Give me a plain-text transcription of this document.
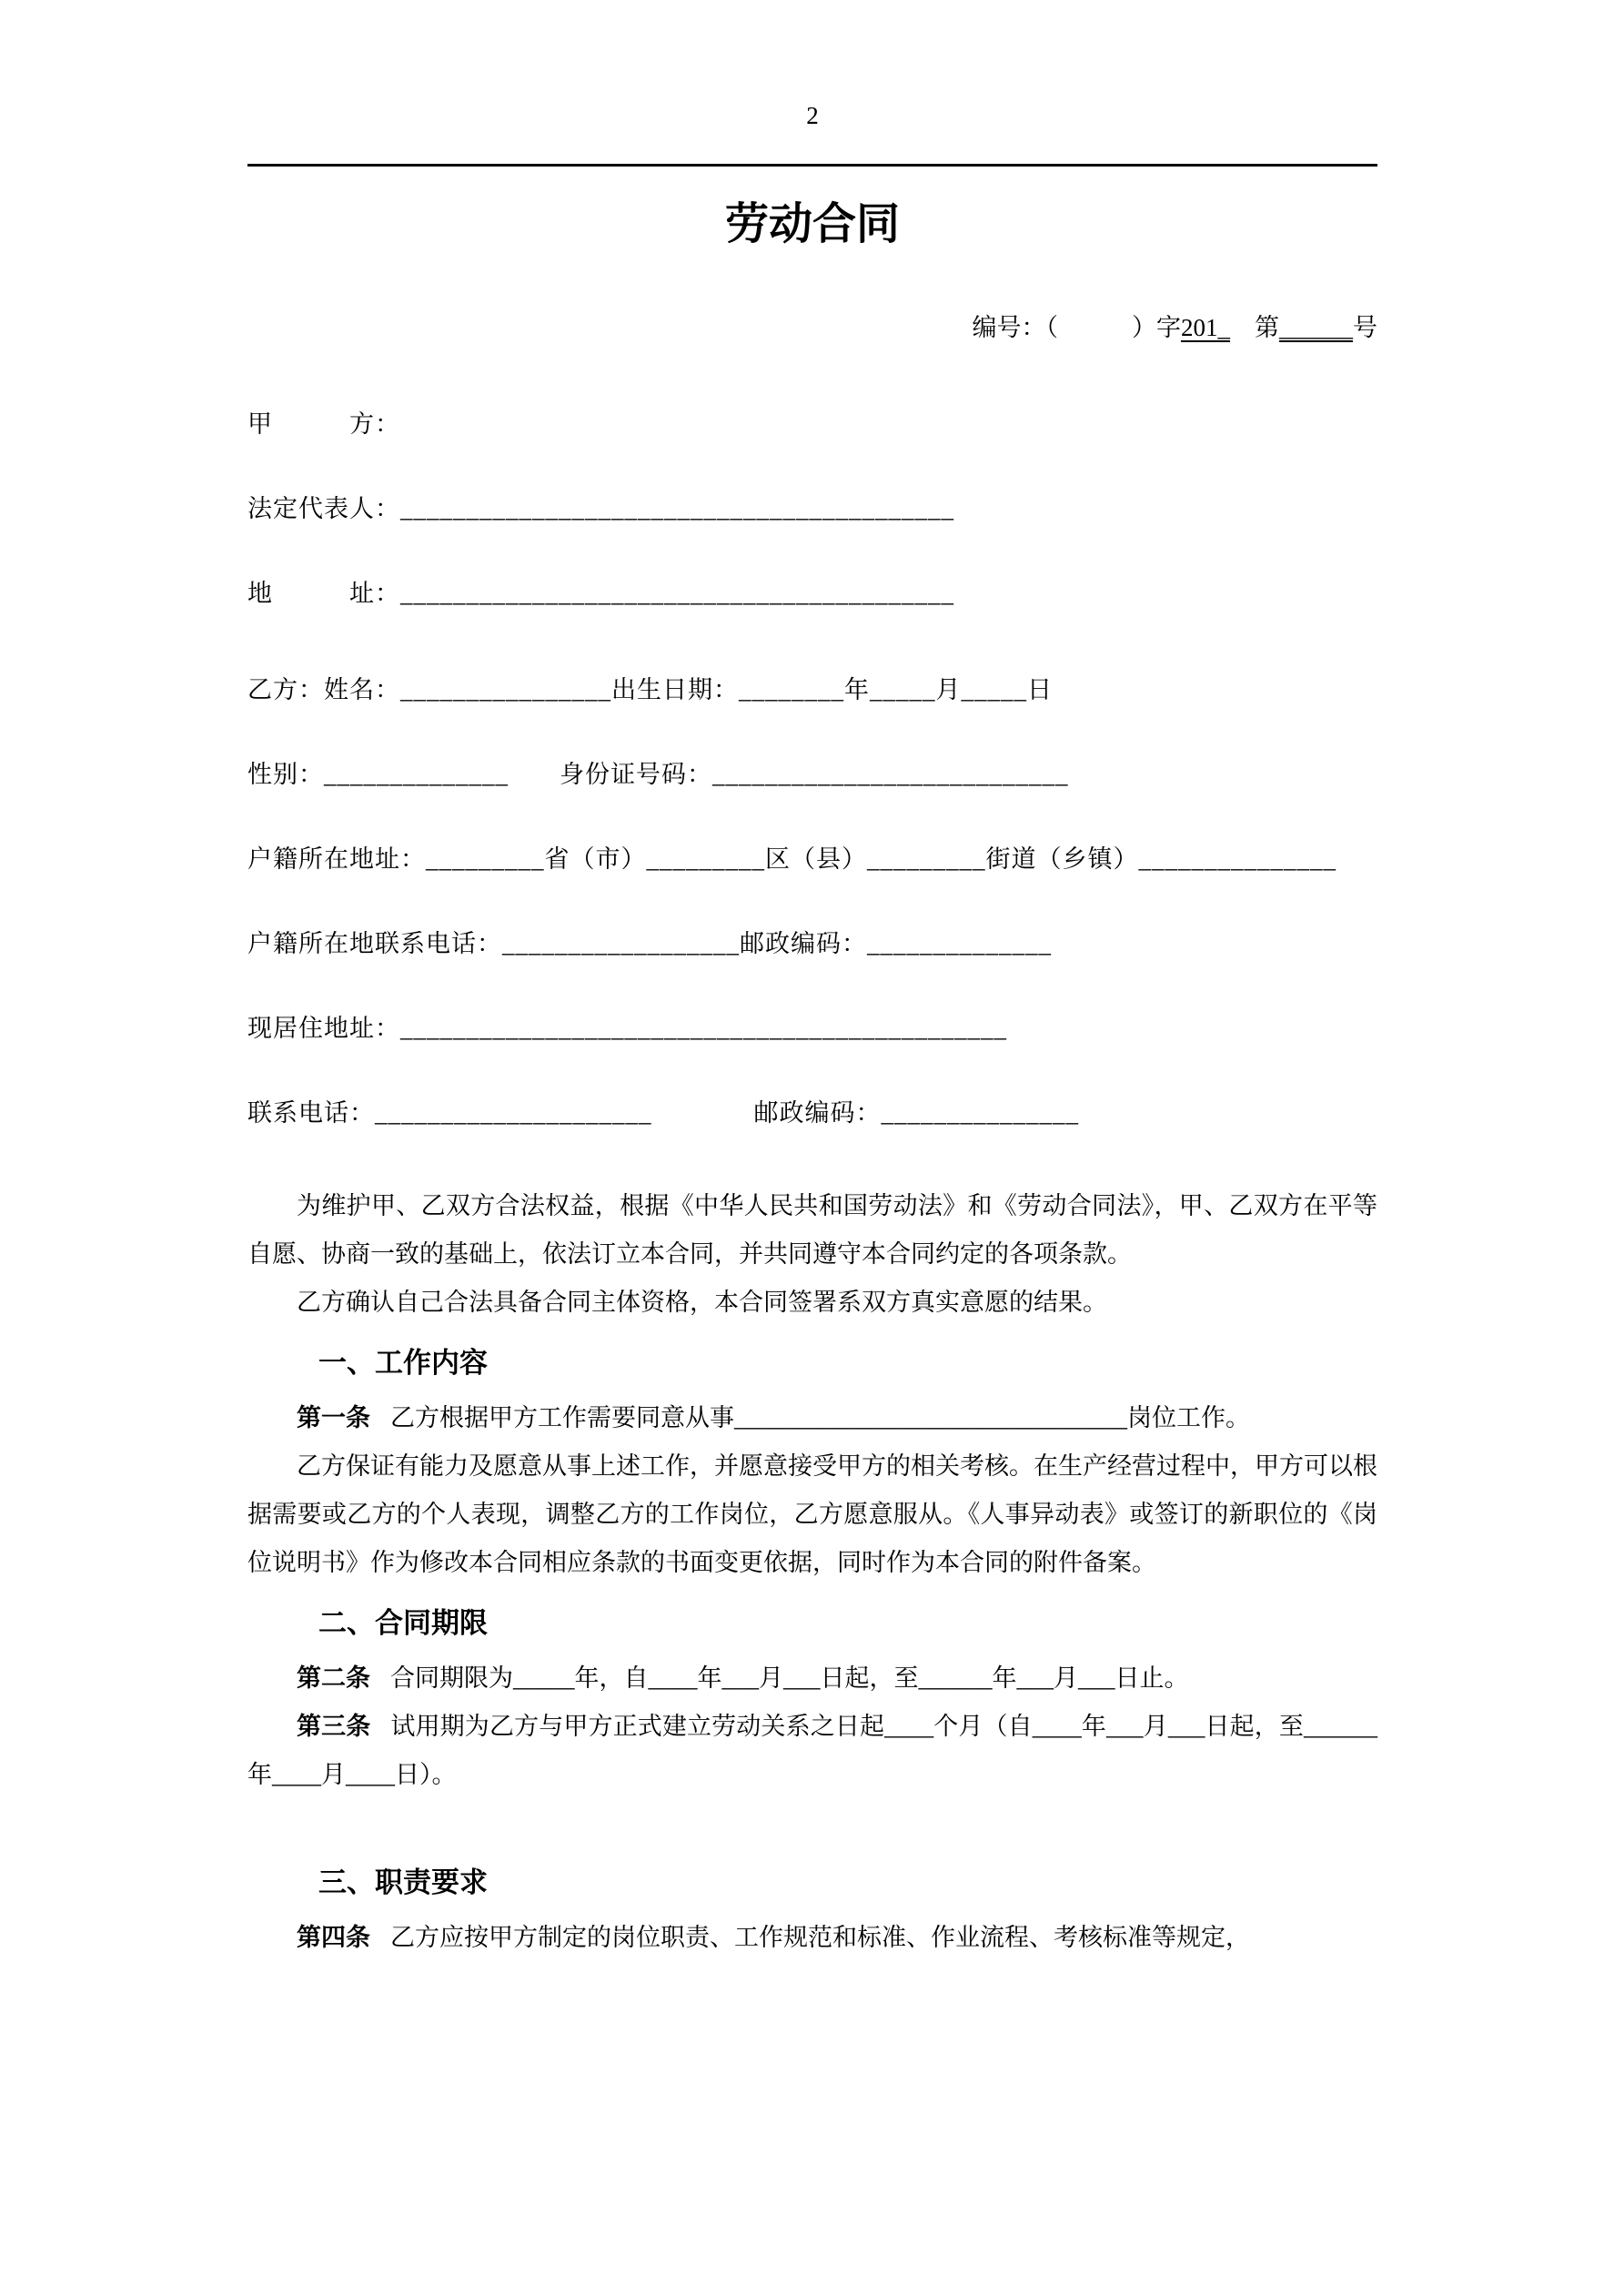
2
劳动合同
编号：（　　　	）字201_　第______号
甲　　　方：
法定代表人：__________________________________________
地　　　址：__________________________________________
乙方：姓名：________________出生日期：________年_____月_____日
性别：______________　　身份证号码：___________________________
户籍所在地址：_________省（市）_________区（县）_________街道（乡镇）_______________
户籍所在地联系电话：__________________邮政编码：______________
现居住地址：______________________________________________
联系电话：_____________________　　　　邮政编码：_______________

为维护甲、乙双方合法权益，根据《中华人民共和国劳动法》和《劳动合同法》，甲、乙双方在平等自愿、协商一致的基础上，依法订立本合同，并共同遵守本合同约定的各项条款。

乙方确认自己合法具备合同主体资格，本合同签署系双方真实意愿的结果。

一、工作内容

第一条 乙方根据甲方工作需要同意从事________________________________岗位工作。

乙方保证有能力及愿意从事上述工作，并愿意接受甲方的相关考核。在生产经营过程中，甲方可以根据需要或乙方的个人表现，调整乙方的工作岗位，乙方愿意服从。《人事异动表》或签订的新职位的《岗位说明书》作为修改本合同相应条款的书面变更依据，同时作为本合同的附件备案。

二、合同期限

第二条 合同期限为_____年，自____年___月___日起，至______年___月___日止。

第三条 试用期为乙方与甲方正式建立劳动关系之日起____个月（自____年___月___日起，至______年____月____日）。

三、职责要求

第四条 乙方应按甲方制定的岗位职责、工作规范和标准、作业流程、考核标准等规定，
